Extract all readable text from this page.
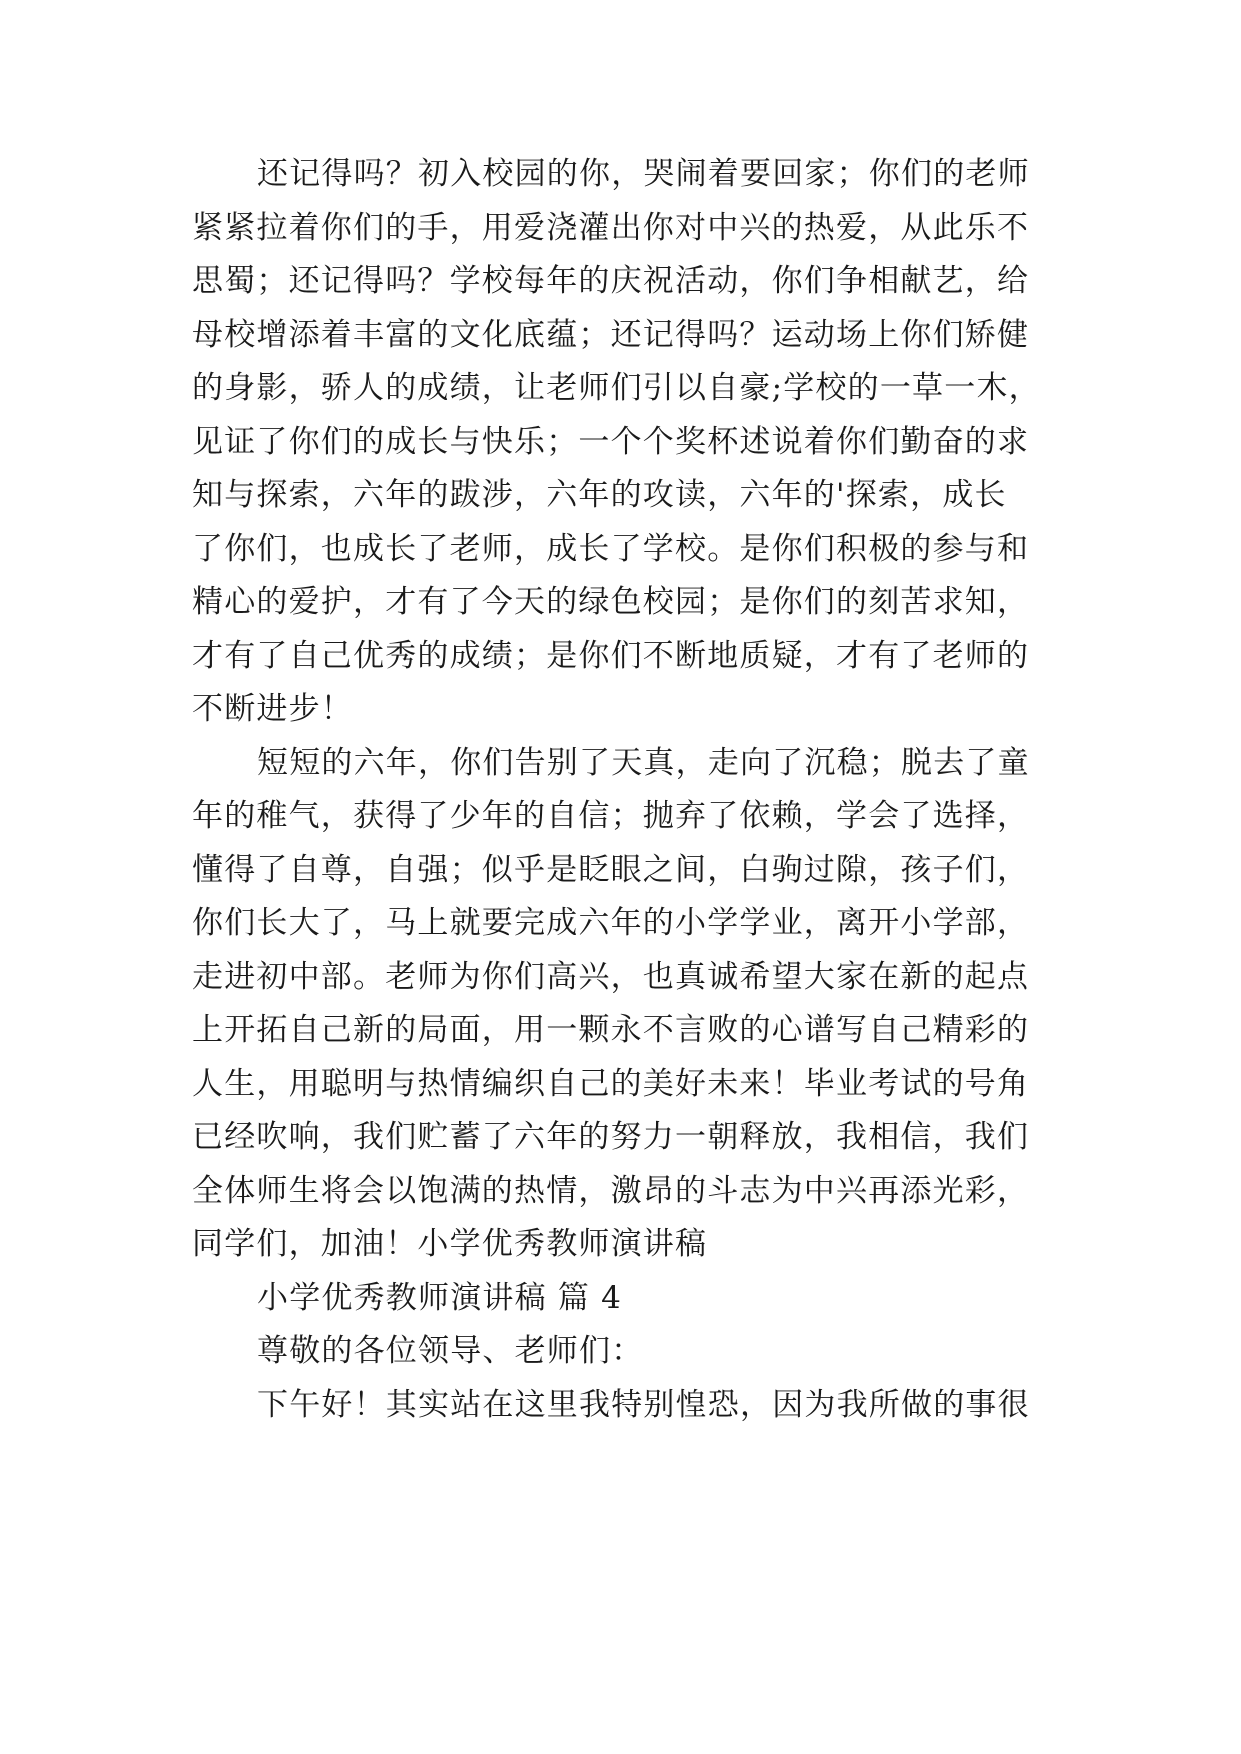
还记得吗？初入校园的你，哭闹着要回家；你们的老师
紧紧拉着你们的手，用爱浇灌出你对中兴的热爱，从此乐不
思蜀；还记得吗？学校每年的庆祝活动，你们争相献艺，给
母校增添着丰富的文化底蕴；还记得吗？运动场上你们矫健
的身影，骄人的成绩，让老师们引以自豪;学校的一草一木，
见证了你们的成长与快乐；一个个奖杯述说着你们勤奋的求
知与探索，六年的跋涉，六年的攻读，六年的'探索，成长
了你们，也成长了老师，成长了学校。是你们积极的参与和
精心的爱护，才有了今天的绿色校园；是你们的刻苦求知，
才有了自己优秀的成绩；是你们不断地质疑，才有了老师的
不断进步！
短短的六年，你们告别了天真，走向了沉稳；脱去了童
年的稚气，获得了少年的自信；抛弃了依赖，学会了选择，
懂得了自尊，自强；似乎是眨眼之间，白驹过隙，孩子们，
你们长大了，马上就要完成六年的小学学业，离开小学部，
走进初中部。老师为你们高兴，也真诚希望大家在新的起点
上开拓自己新的局面，用一颗永不言败的心谱写自己精彩的
人生，用聪明与热情编织自己的美好未来！毕业考试的号角
已经吹响，我们贮蓄了六年的努力一朝释放，我相信，我们
全体师生将会以饱满的热情，激昂的斗志为中兴再添光彩，
同学们，加油！小学优秀教师演讲稿
小学优秀教师演讲稿 篇 4
尊敬的各位领导、老师们：
下午好！其实站在这里我特别惶恐，因为我所做的事很
